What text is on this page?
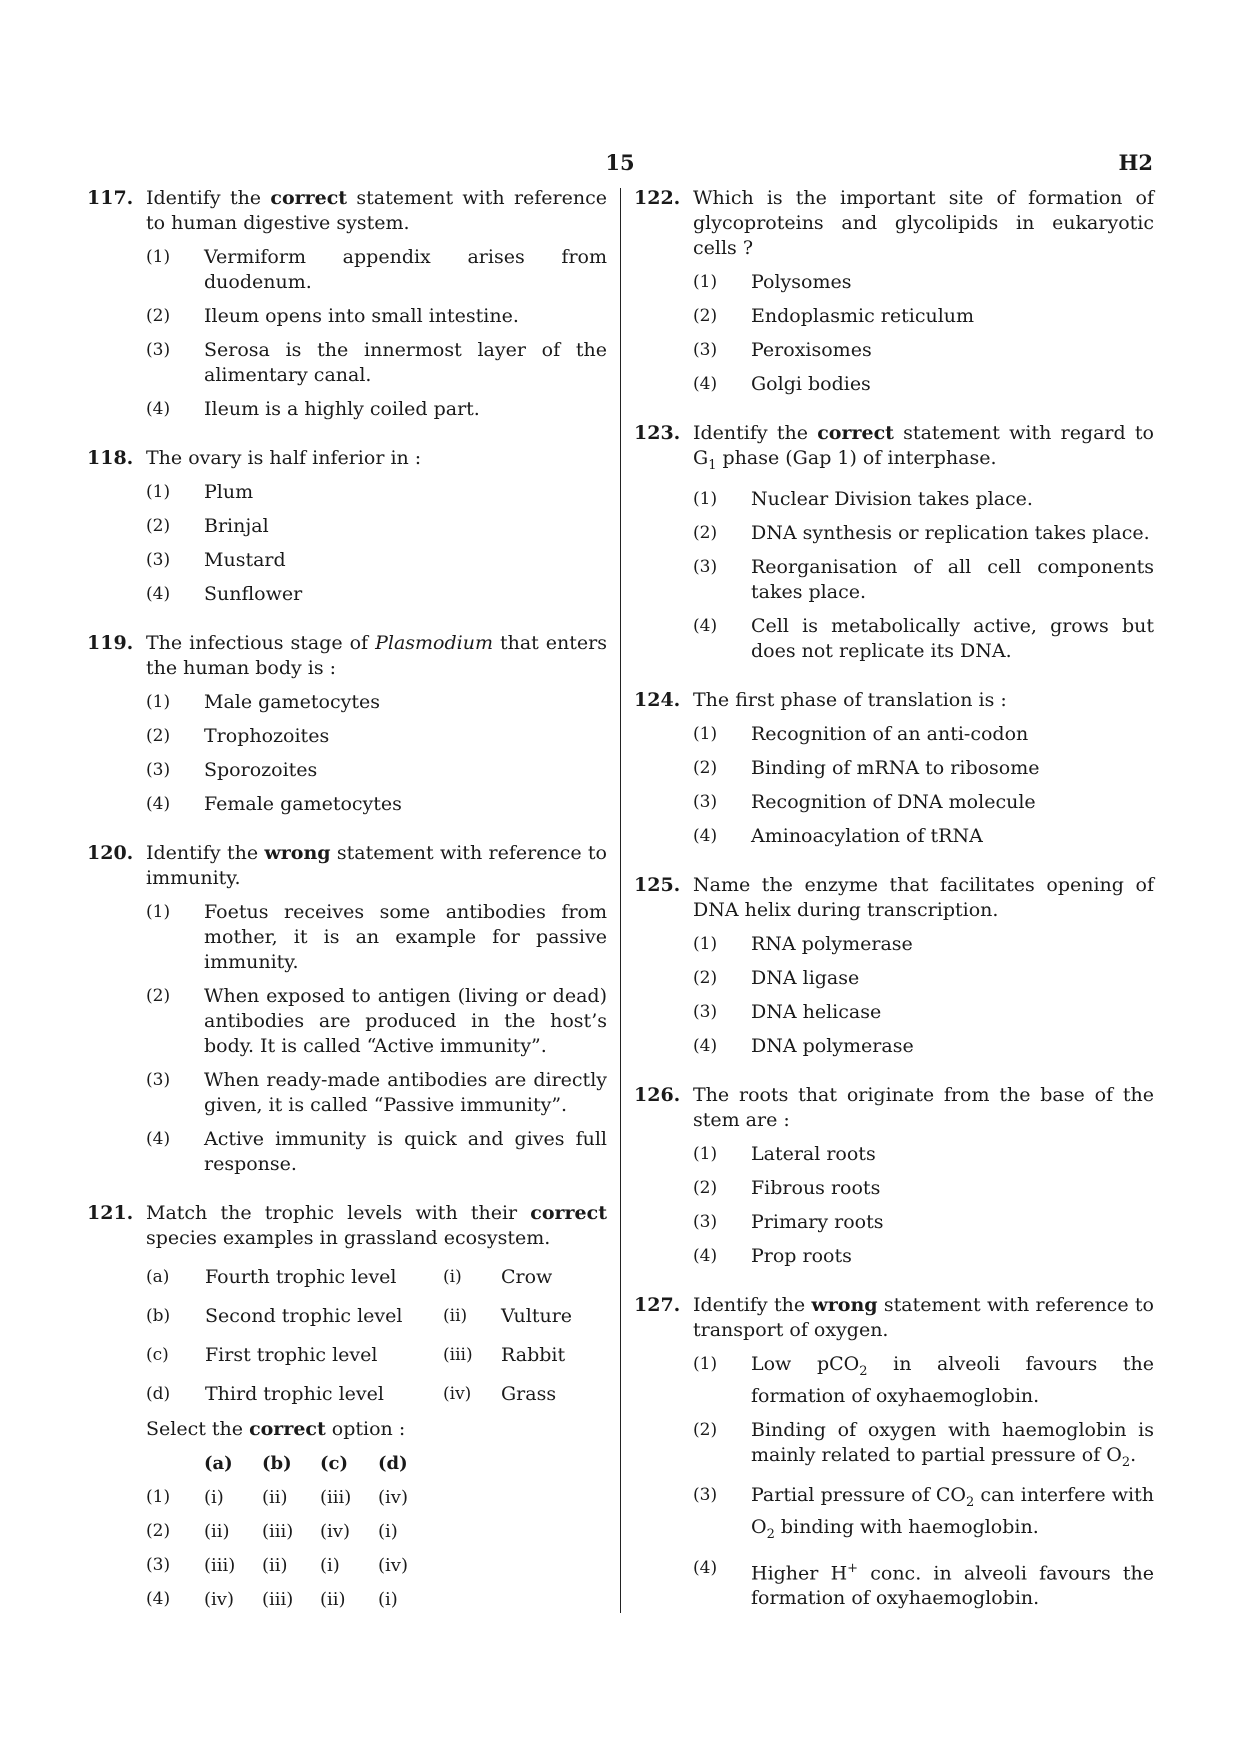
15	H2
117. Identify the correct statement with reference to human digestive system.
(1)	Vermiform appendix arises from duodenum.
(2)	Ileum opens into small intestine.
(3)	Serosa is the innermost layer of the alimentary canal.
(4)	Ileum is a highly coiled part.
118. The ovary is half inferior in :
(1)	Plum
(2)	Brinjal
(3)	Mustard
(4)	Sunflower
119. The infectious stage of Plasmodium that enters the human body is :
(1)	Male gametocytes
(2)	Trophozoites
(3)	Sporozoites
(4)	Female gametocytes
120. Identify the wrong statement with reference to immunity.
(1)	Foetus receives some antibodies from mother, it is an example for passive immunity.
(2)	When exposed to antigen (living or dead) antibodies are produced in the host’s body. It is called “Active immunity”.
(3)	When ready-made antibodies are directly given, it is called “Passive immunity”.
(4)	Active immunity is quick and gives full response.
121. Match the trophic levels with their correct species examples in grassland ecosystem.
(a)	Fourth trophic level	(i)	Crow
(b)	Second trophic level	(ii)	Vulture
(c)	First trophic level	(iii)	Rabbit
(d)	Third trophic level	(iv)	Grass
Select the correct option :
(a)	(b)	(c)	(d)
(1)	(i)	(ii)	(iii)	(iv)
(2)	(ii)	(iii)	(iv)	(i)
(3)	(iii)	(ii)	(i)	(iv)
(4)	(iv)	(iii)	(ii)	(i)
122. Which is the important site of formation of glycoproteins and glycolipids in eukaryotic cells ?
(1)	Polysomes
(2)	Endoplasmic reticulum
(3)	Peroxisomes
(4)	Golgi bodies
123. Identify the correct statement with regard to $G_1$ phase (Gap 1) of interphase.
(1)	Nuclear Division takes place.
(2)	DNA synthesis or replication takes place.
(3)	Reorganisation of all cell components takes place.
(4)	Cell is metabolically active, grows but does not replicate its DNA.
124. The first phase of translation is :
(1)	Recognition of an anti-codon
(2)	Binding of mRNA to ribosome
(3)	Recognition of DNA molecule
(4)	Aminoacylation of tRNA
125. Name the enzyme that facilitates opening of DNA helix during transcription.
(1)	RNA polymerase
(2)	DNA ligase
(3)	DNA helicase
(4)	DNA polymerase
126. The roots that originate from the base of the stem are :
(1)	Lateral roots
(2)	Fibrous roots
(3)	Primary roots
(4)	Prop roots
127. Identify the wrong statement with reference to transport of oxygen.
(1)	Low pCO$_2$ in alveoli favours the formation of oxyhaemoglobin.
(2)	Binding of oxygen with haemoglobin is mainly related to partial pressure of $O_2$.
(3)	Partial pressure of $CO_2$ can interfere with $O_2$ binding with haemoglobin.
(4)	Higher H+ conc. in alveoli favours the formation of oxyhaemoglobin.
